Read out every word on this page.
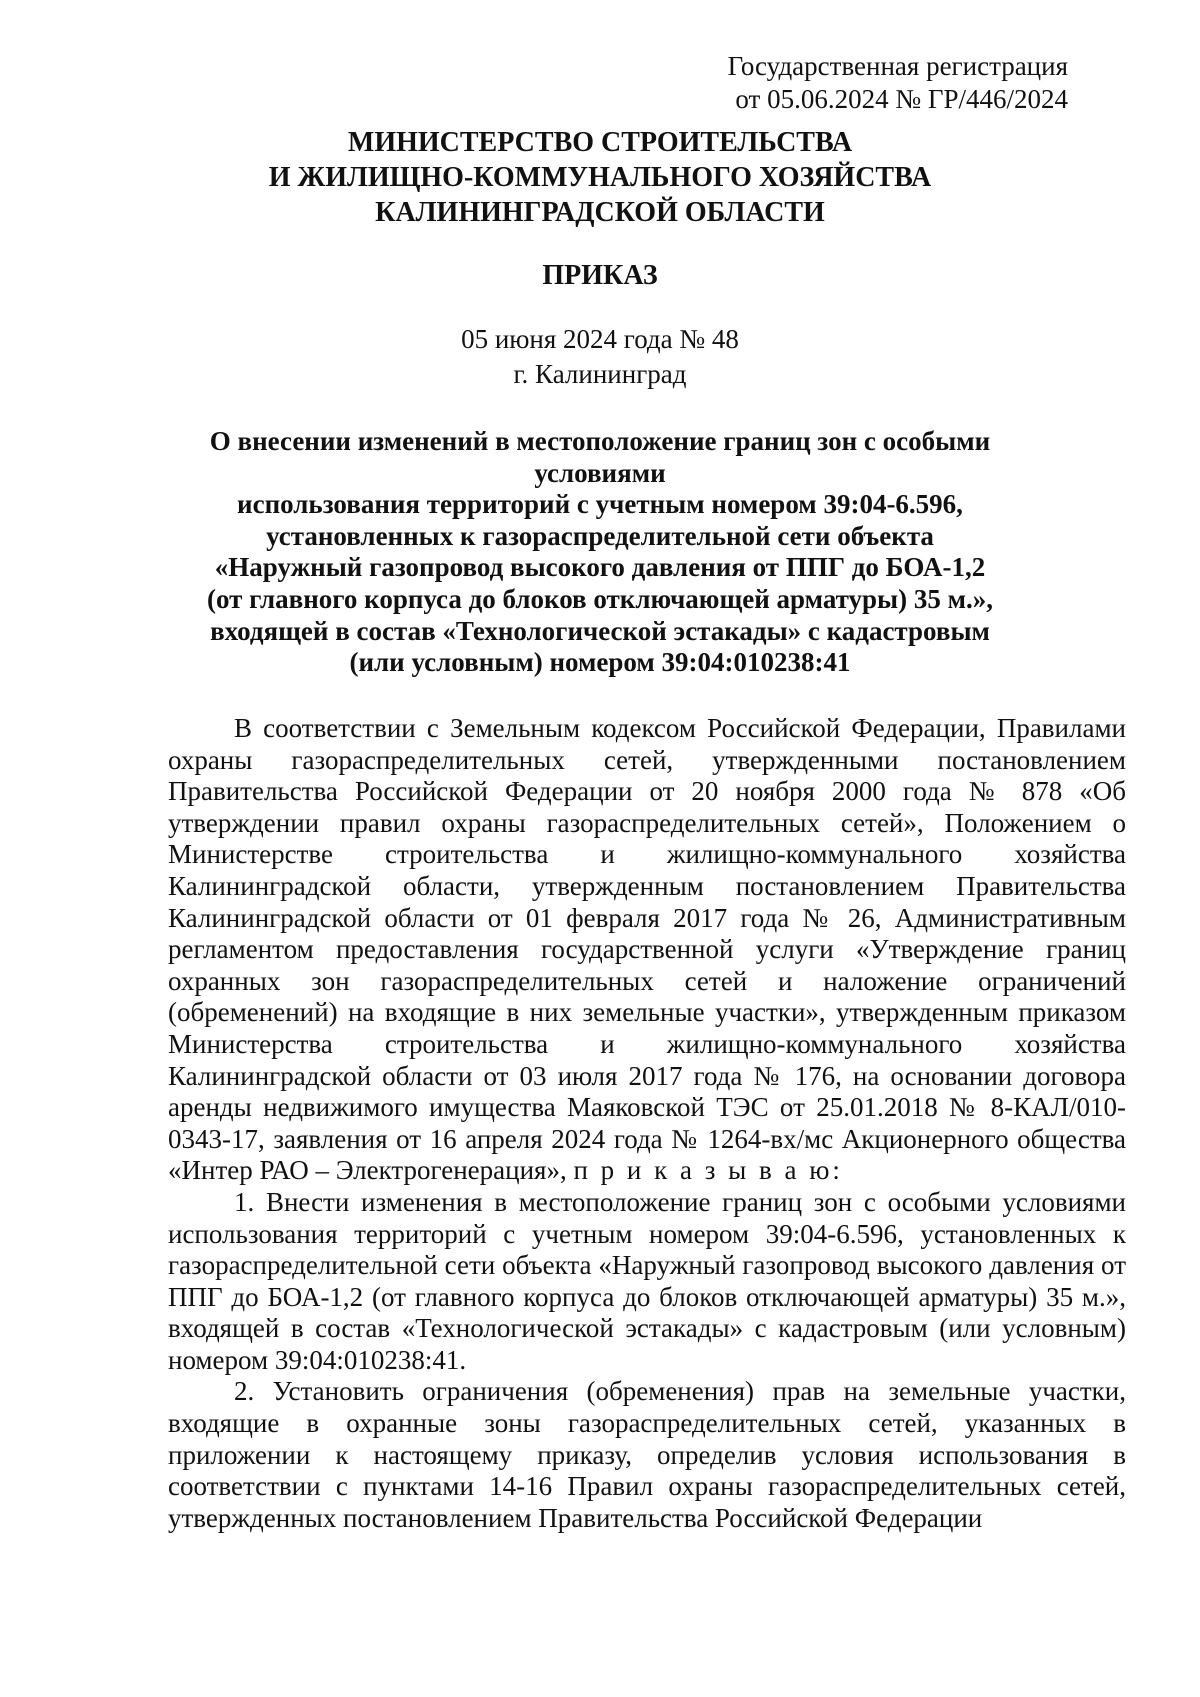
Государственная регистрация
от 05.06.2024 № ГР/446/2024
МИНИСТЕРСТВО СТРОИТЕЛЬСТВА
И ЖИЛИЩНО-КОММУНАЛЬНОГО ХОЗЯЙСТВА
КАЛИНИНГРАДСКОЙ ОБЛАСТИ
ПРИКАЗ
05 июня 2024 года № 48
г. Калининград
О внесении изменений в местоположение границ зон с особыми условиями
использования территорий с учетным номером 39:04-6.596,
установленных к газораспределительной сети объекта
«Наружный газопровод высокого давления от ППГ до БОА-1,2
(от главного корпуса до блоков отключающей арматуры) 35 м.»,
входящей в состав «Технологической эстакады» с кадастровым
(или условным) номером 39:04:010238:41

В соответствии с Земельным кодексом Российской Федерации, Правилами охраны газораспределительных сетей, утвержденными постановлением Правительства Российской Федерации от 20 ноября 2000 года № 878 «Об утверждении правил охраны газораспределительных сетей», Положением о Министерстве строительства и жилищно-коммунального хозяйства Калининградской области, утвержденным постановлением Правительства Калининградской области от 01 февраля 2017 года № 26, Административным регламентом предоставления государственной услуги «Утверждение границ охранных зон газораспределительных сетей и наложение ограничений (обременений) на входящие в них земельные участки», утвержденным приказом Министерства строительства и жилищно-коммунального хозяйства Калининградской области от 03 июля 2017 года № 176, на основании договора аренды недвижимого имущества Маяковской ТЭС от 25.01.2018 № 8-КАЛ/010-0343-17, заявления от 16 апреля 2024 года № 1264-вх/мс Акционерного общества «Интер РАО – Электрогенерация», п р и к а з ы в а ю:

1. Внести изменения в местоположение границ зон с особыми условиями использования территорий с учетным номером 39:04-6.596, установленных к газораспределительной сети объекта «Наружный газопровод высокого давления от ППГ до БОА-1,2 (от главного корпуса до блоков отключающей арматуры) 35 м.», входящей в состав «Технологической эстакады» с кадастровым (или условным) номером 39:04:010238:41.

2. Установить ограничения (обременения) прав на земельные участки, входящие в охранные зоны газораспределительных сетей, указанных в приложении к настоящему приказу, определив условия использования в соответствии с пунктами 14-16 Правил охраны газораспределительных сетей, утвержденных постановлением Правительства Российской Федерации
